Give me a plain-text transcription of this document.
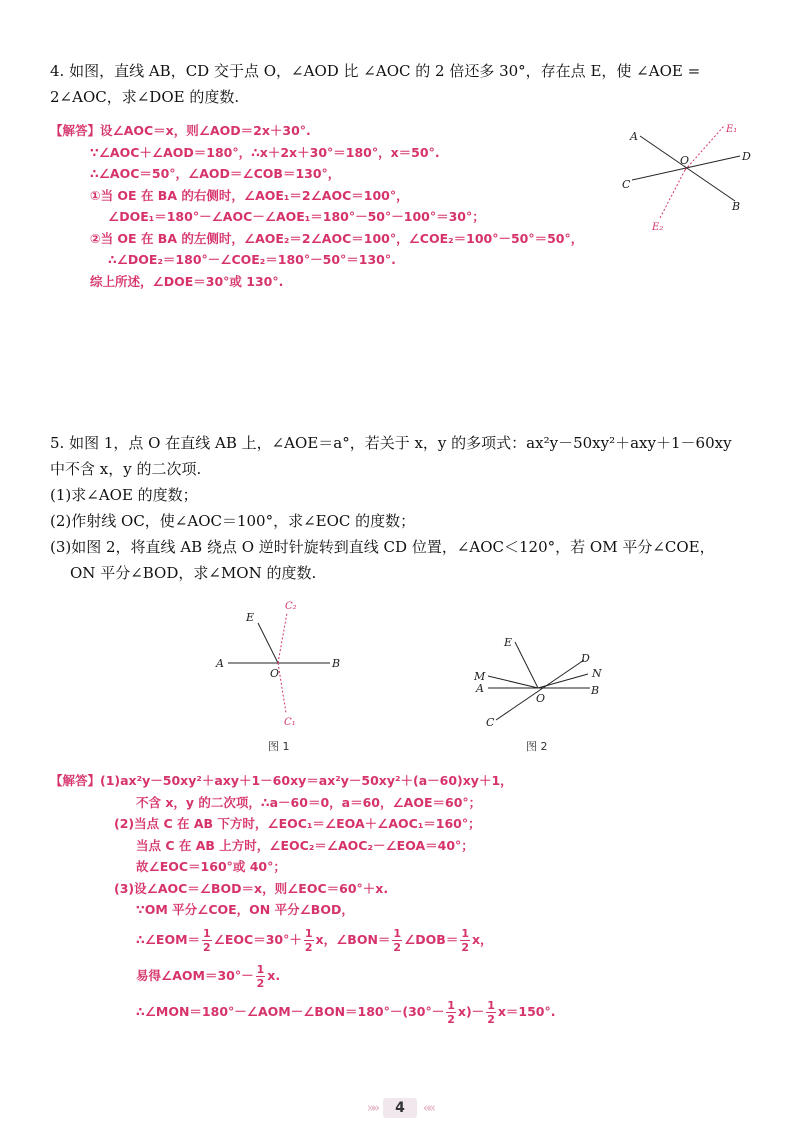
4. 如图，直线 AB，CD 交于点 O，∠AOD 比 ∠AOC 的 2 倍还多 30°，存在点 E，使 ∠AOE =
2∠AOC，求∠DOE 的度数.
【解答】设∠AOC＝x，则∠AOD＝2x＋30°.
∵∠AOC＋∠AOD＝180°，∴x＋2x＋30°＝180°，x＝50°.
∴∠AOC＝50°，∠AOD＝∠COB＝130°，
①当 OE 在 BA 的右侧时，∠AOE₁＝2∠AOC＝100°，
∠DOE₁＝180°－∠AOC－∠AOE₁＝180°－50°－100°＝30°；
②当 OE 在 BA 的左侧时，∠AOE₂＝2∠AOC＝100°，∠COE₂＝100°－50°＝50°，
∴∠DOE₂＝180°－∠COE₂＝180°－50°＝130°.
综上所述，∠DOE＝30°或 130°.
A
D
C
B
O
E₁
E₂
5. 如图 1，点 O 在直线 AB 上，∠AOE＝a°，若关于 x，y 的多项式：ax²y－50xy²＋axy＋1－60xy
中不含 x，y 的二次项.
(1)求∠AOE 的度数；
(2)作射线 OC，使∠AOC＝100°，求∠EOC 的度数；
(3)如图 2，将直线 AB 绕点 O 逆时针旋转到直线 CD 位置，∠AOC＜120°，若 OM 平分∠COE，
ON 平分∠BOD，求∠MON 的度数.
A	B
E
O
C₂
C₁
图 1
E
D
N
M
A	B
O
C
图 2
【解答】(1)ax²y－50xy²＋axy＋1－60xy＝ax²y－50xy²＋(a－60)xy＋1，
不含 x，y 的二次项，∴a－60＝0，a＝60，∠AOE＝60°；
(2)当点 C 在 AB 下方时，∠EOC₁＝∠EOA＋∠AOC₁＝160°；
当点 C 在 AB 上方时，∠EOC₂＝∠AOC₂－∠EOA＝40°；
故∠EOC＝160°或 40°；
(3)设∠AOC＝∠BOD＝x，则∠EOC＝60°＋x.
∵OM 平分∠COE，ON 平分∠BOD，
∴∠EOM＝ $\frac{1}{2}$ ∠EOC＝30°＋ $\frac{1}{2}$ x，∠BON＝ $\frac{1}{2}$ ∠DOB＝ $\frac{1}{2}$ x，
易得∠AOM＝30°－ $\frac{1}{2} x$.
∴∠MON＝180°－∠AOM－∠BON＝180°－(30°－ $\frac{1}{2} x)- \frac{1}{2} x=150^\circ$.
»» 4 ««
